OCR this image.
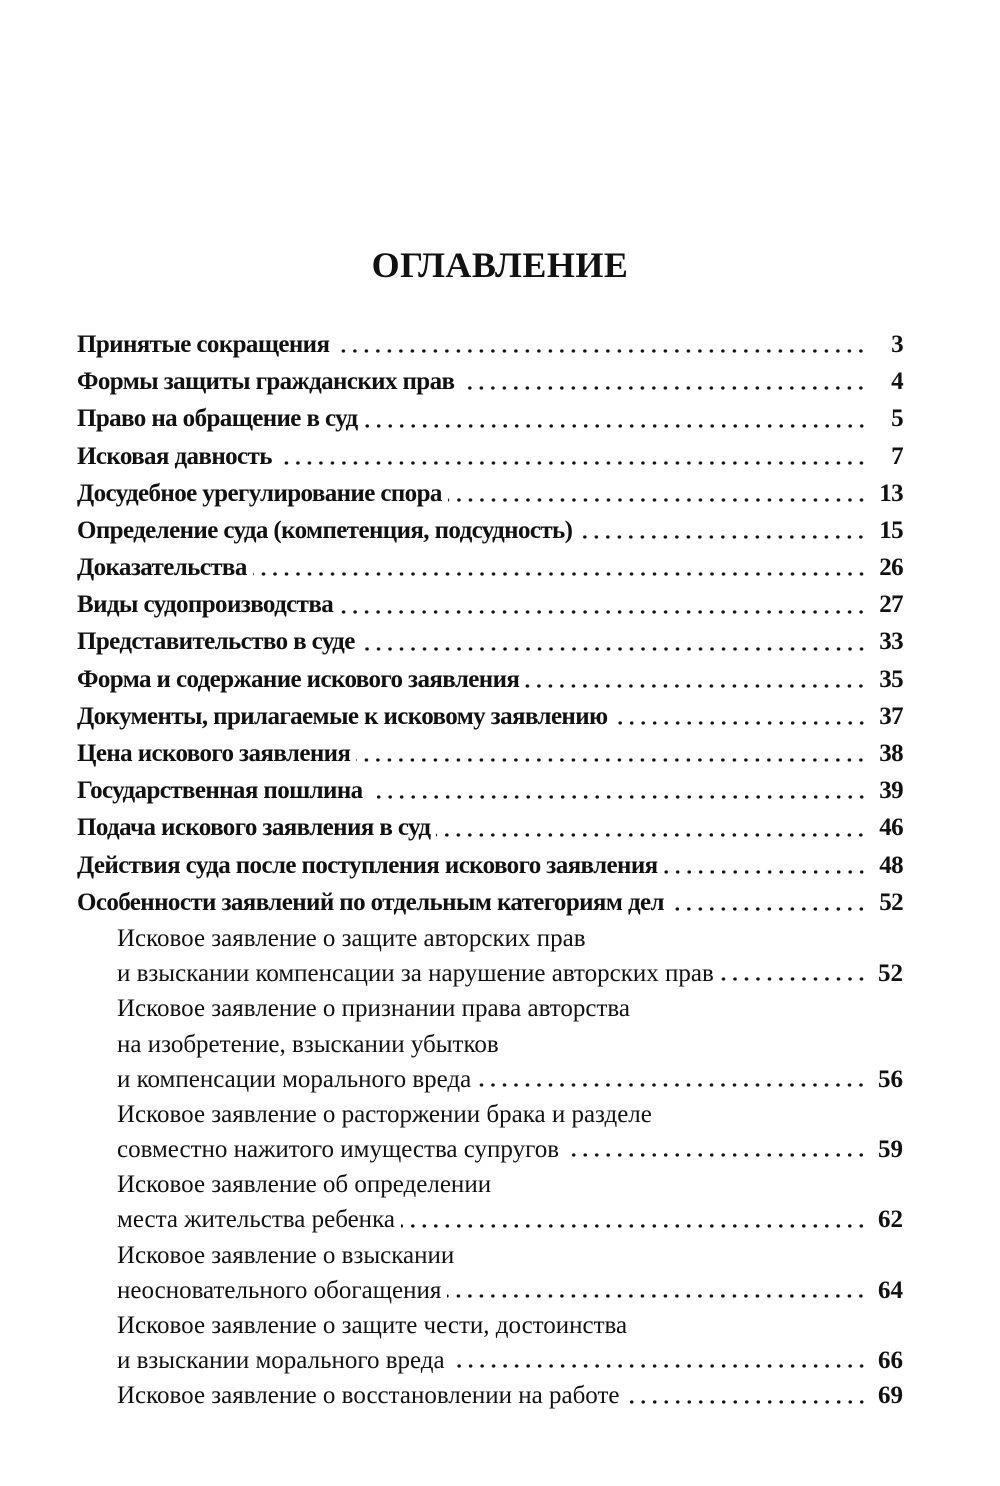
ОГЛАВЛЕНИЕ
Принятые сокращения	3
Формы защиты гражданских прав	4
Право на обращение в суд	5
Исковая давность	7
Досудебное урегулирование спора	13
Определение суда (компетенция, подсудность)	15
Доказательства	26
Виды судопроизводства	27
Представительство в суде	33
Форма и содержание искового заявления	35
Документы, прилагаемые к исковому заявлению	37
Цена искового заявления	38
Государственная пошлина	39
Подача искового заявления в суд	46
Действия суда после поступления искового заявления	48
Особенности заявлений по отдельным категориям дел	52
Исковое заявление о защите авторских прав
и взыскании компенсации за нарушение авторских прав	52
Исковое заявление о признании права авторства
на изобретение, взыскании убытков
и компенсации морального вреда	56
Исковое заявление о расторжении брака и разделе
совместно нажитого имущества супругов	59
Исковое заявление об определении
места жительства ребенка	62
Исковое заявление о взыскании
неосновательного обогащения	64
Исковое заявление о защите чести, достоинства
и взыскании морального вреда	66
Исковое заявление о восстановлении на работе	69
